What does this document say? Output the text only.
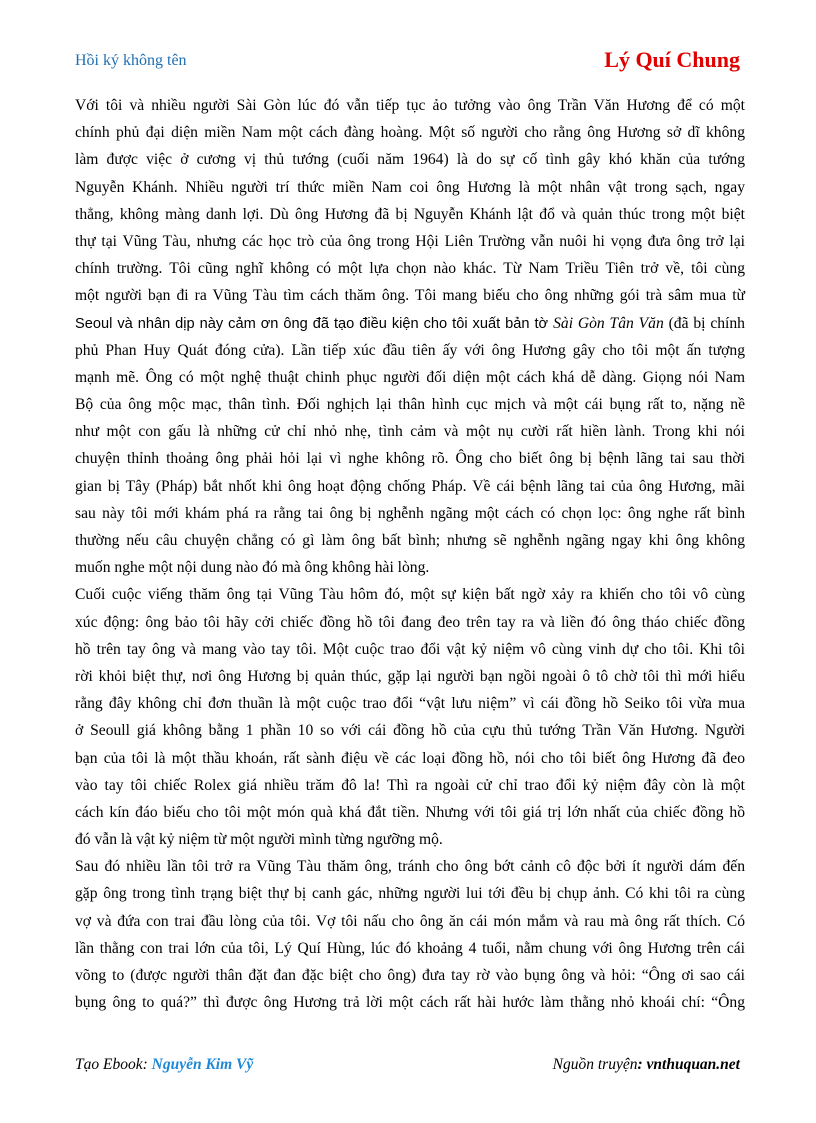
Hồi ký không tên	Lý Quí Chung
Với tôi và nhiều người Sài Gòn lúc đó vẫn tiếp tục ảo tưởng vào ông Trần Văn Hương để có một
chính phủ đại diện miền Nam một cách đàng hoàng. Một số người cho rằng ông Hương sở dĩ không
làm được việc ở cương vị thủ tướng (cuối năm 1964) là do sự cố tình gây khó khăn của tướng
Nguyễn Khánh. Nhiều người trí thức miền Nam coi ông Hương là một nhân vật trong sạch, ngay
thẳng, không màng danh lợi. Dù ông Hương đã bị Nguyễn Khánh lật đổ và quản thúc trong một biệt
thự tại Vũng Tàu, nhưng các học trò của ông trong Hội Liên Trường vẫn nuôi hi vọng đưa ông trở lại
chính trường. Tôi cũng nghĩ không có một lựa chọn nào khác. Từ Nam Triều Tiên trở về, tôi cùng
một người bạn đi ra Vũng Tàu tìm cách thăm ông. Tôi mang biếu cho ông những gói trà sâm mua từ
Seoul và nhân dịp này cảm ơn ông đã tạo điều kiện cho tôi xuất bản tờ Sài Gòn Tân Văn (đã bị chính
phủ Phan Huy Quát đóng cửa). Lần tiếp xúc đầu tiên ấy với ông Hương gây cho tôi một ấn tượng
mạnh mẽ. Ông có một nghệ thuật chinh phục người đối diện một cách khá dễ dàng. Giọng nói Nam
Bộ của ông mộc mạc, thân tình. Đối nghịch lại thân hình cục mịch và một cái bụng rất to, nặng nề
như một con gấu là những cử chỉ nhỏ nhẹ, tình cảm và một nụ cười rất hiền lành. Trong khi nói
chuyện thỉnh thoảng ông phải hỏi lại vì nghe không rõ. Ông cho biết ông bị bệnh lãng tai sau thời
gian bị Tây (Pháp) bắt nhốt khi ông hoạt động chống Pháp. Về cái bệnh lãng tai của ông Hương, mãi
sau này tôi mới khám phá ra rằng tai ông bị nghễnh ngãng một cách có chọn lọc: ông nghe rất bình
thường nếu câu chuyện chẳng có gì làm ông bất bình; nhưng sẽ nghễnh ngãng ngay khi ông không
muốn nghe một nội dung nào đó mà ông không hài lòng.
Cuối cuộc viếng thăm ông tại Vũng Tàu hôm đó, một sự kiện bất ngờ xảy ra khiến cho tôi vô cùng
xúc động: ông bảo tôi hãy cởi chiếc đồng hồ tôi đang đeo trên tay ra và liền đó ông tháo chiếc đồng
hồ trên tay ông và mang vào tay tôi. Một cuộc trao đổi vật kỷ niệm vô cùng vinh dự cho tôi. Khi tôi
rời khỏi biệt thự, nơi ông Hương bị quản thúc, gặp lại người bạn ngồi ngoài ô tô chờ tôi thì mới hiểu
rằng đây không chỉ đơn thuần là một cuộc trao đổi “vật lưu niệm” vì cái đồng hồ Seiko tôi vừa mua
ở Seoull giá không bằng 1 phần 10 so với cái đồng hồ của cựu thủ tướng Trần Văn Hương. Người
bạn của tôi là một thầu khoán, rất sành điệu về các loại đồng hồ, nói cho tôi biết ông Hương đã đeo
vào tay tôi chiếc Rolex giá nhiều trăm đô la! Thì ra ngoài cử chỉ trao đổi kỷ niệm đây còn là một
cách kín đáo biếu cho tôi một món quà khá đắt tiền. Nhưng với tôi giá trị lớn nhất của chiếc đồng hồ
đó vẫn là vật kỷ niệm từ một người mình từng ngưỡng mộ.
Sau đó nhiều lần tôi trở ra Vũng Tàu thăm ông, tránh cho ông bớt cảnh cô độc bởi ít người dám đến
gặp ông trong tình trạng biệt thự bị canh gác, những người lui tới đều bị chụp ảnh. Có khi tôi ra cùng
vợ và đứa con trai đầu lòng của tôi. Vợ tôi nấu cho ông ăn cái món mắm và rau mà ông rất thích. Có
lần thằng con trai lớn của tôi, Lý Quí Hùng, lúc đó khoảng 4 tuổi, nằm chung với ông Hương trên cái
võng to (được người thân đặt đan đặc biệt cho ông) đưa tay rờ vào bụng ông và hỏi: “Ông ơi sao cái
bụng ông to quá?” thì được ông Hương trả lời một cách rất hài hước làm thằng nhỏ khoái chí: “Ông
Tạo Ebook: Nguyễn Kim Vỹ	Nguồn truyện: vnthuquan.net
